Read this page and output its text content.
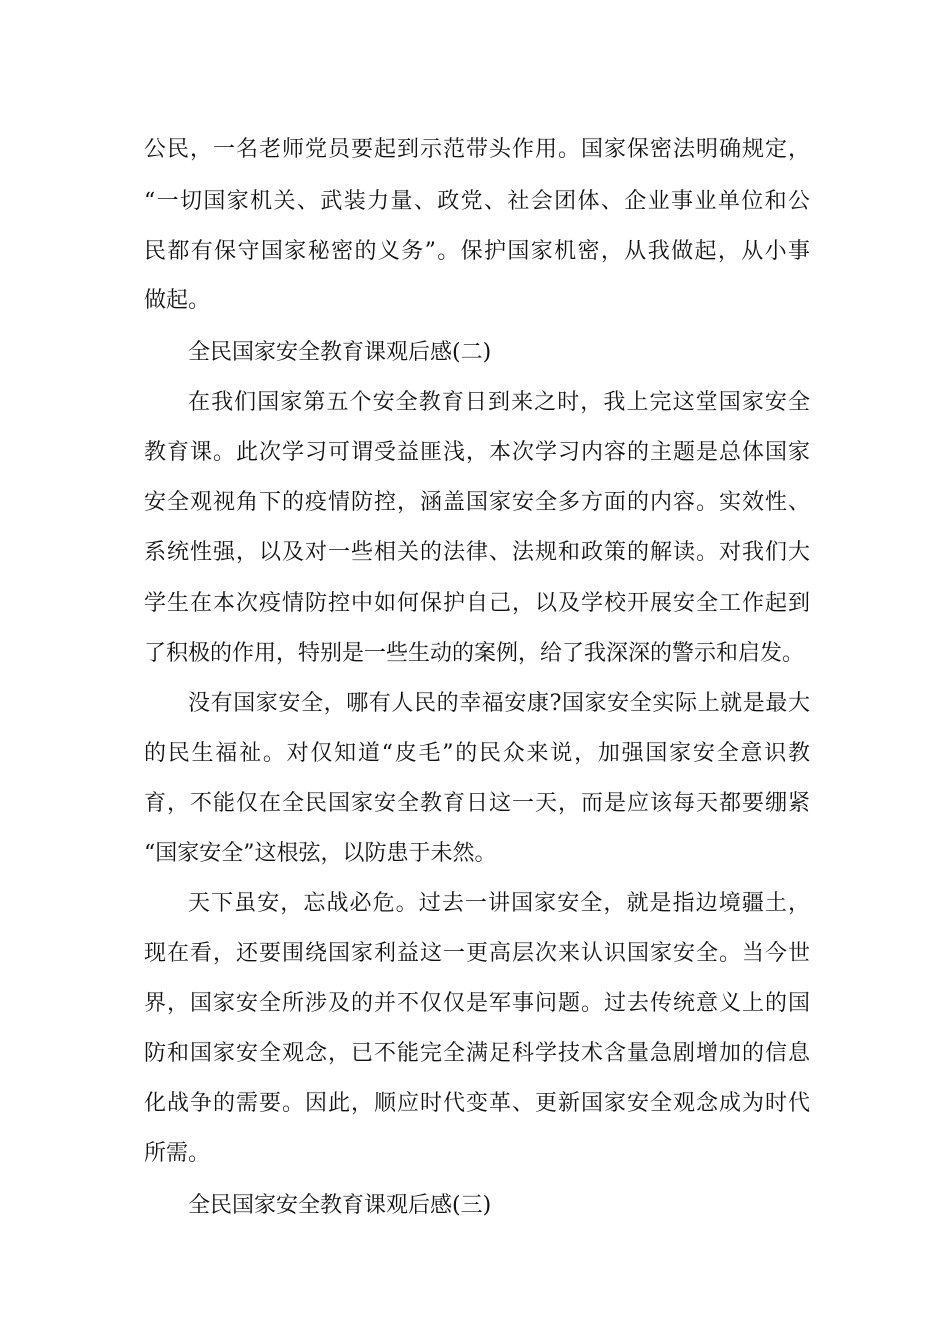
公民，一名老师党员要起到示范带头作用。国家保密法明确规定，
“一切国家机关、武装力量、政党、社会团体、企业事业单位和公
民都有保守国家秘密的义务”。保护国家机密，从我做起，从小事
做起。
全民国家安全教育课观后感(二)
在我们国家第五个安全教育日到来之时，我上完这堂国家安全
教育课。此次学习可谓受益匪浅，本次学习内容的主题是总体国家
安全观视角下的疫情防控，涵盖国家安全多方面的内容。实效性、
系统性强，以及对一些相关的法律、法规和政策的解读。对我们大
学生在本次疫情防控中如何保护自己，以及学校开展安全工作起到
了积极的作用，特别是一些生动的案例，给了我深深的警示和启发。
没有国家安全，哪有人民的幸福安康?国家安全实际上就是最大
的民生福祉。对仅知道“皮毛”的民众来说，加强国家安全意识教
育，不能仅在全民国家安全教育日这一天，而是应该每天都要绷紧
“国家安全”这根弦，以防患于未然。
天下虽安，忘战必危。过去一讲国家安全，就是指边境疆土，
现在看，还要围绕国家利益这一更高层次来认识国家安全。当今世
界，国家安全所涉及的并不仅仅是军事问题。过去传统意义上的国
防和国家安全观念，已不能完全满足科学技术含量急剧增加的信息
化战争的需要。因此，顺应时代变革、更新国家安全观念成为时代
所需。
全民国家安全教育课观后感(三)
